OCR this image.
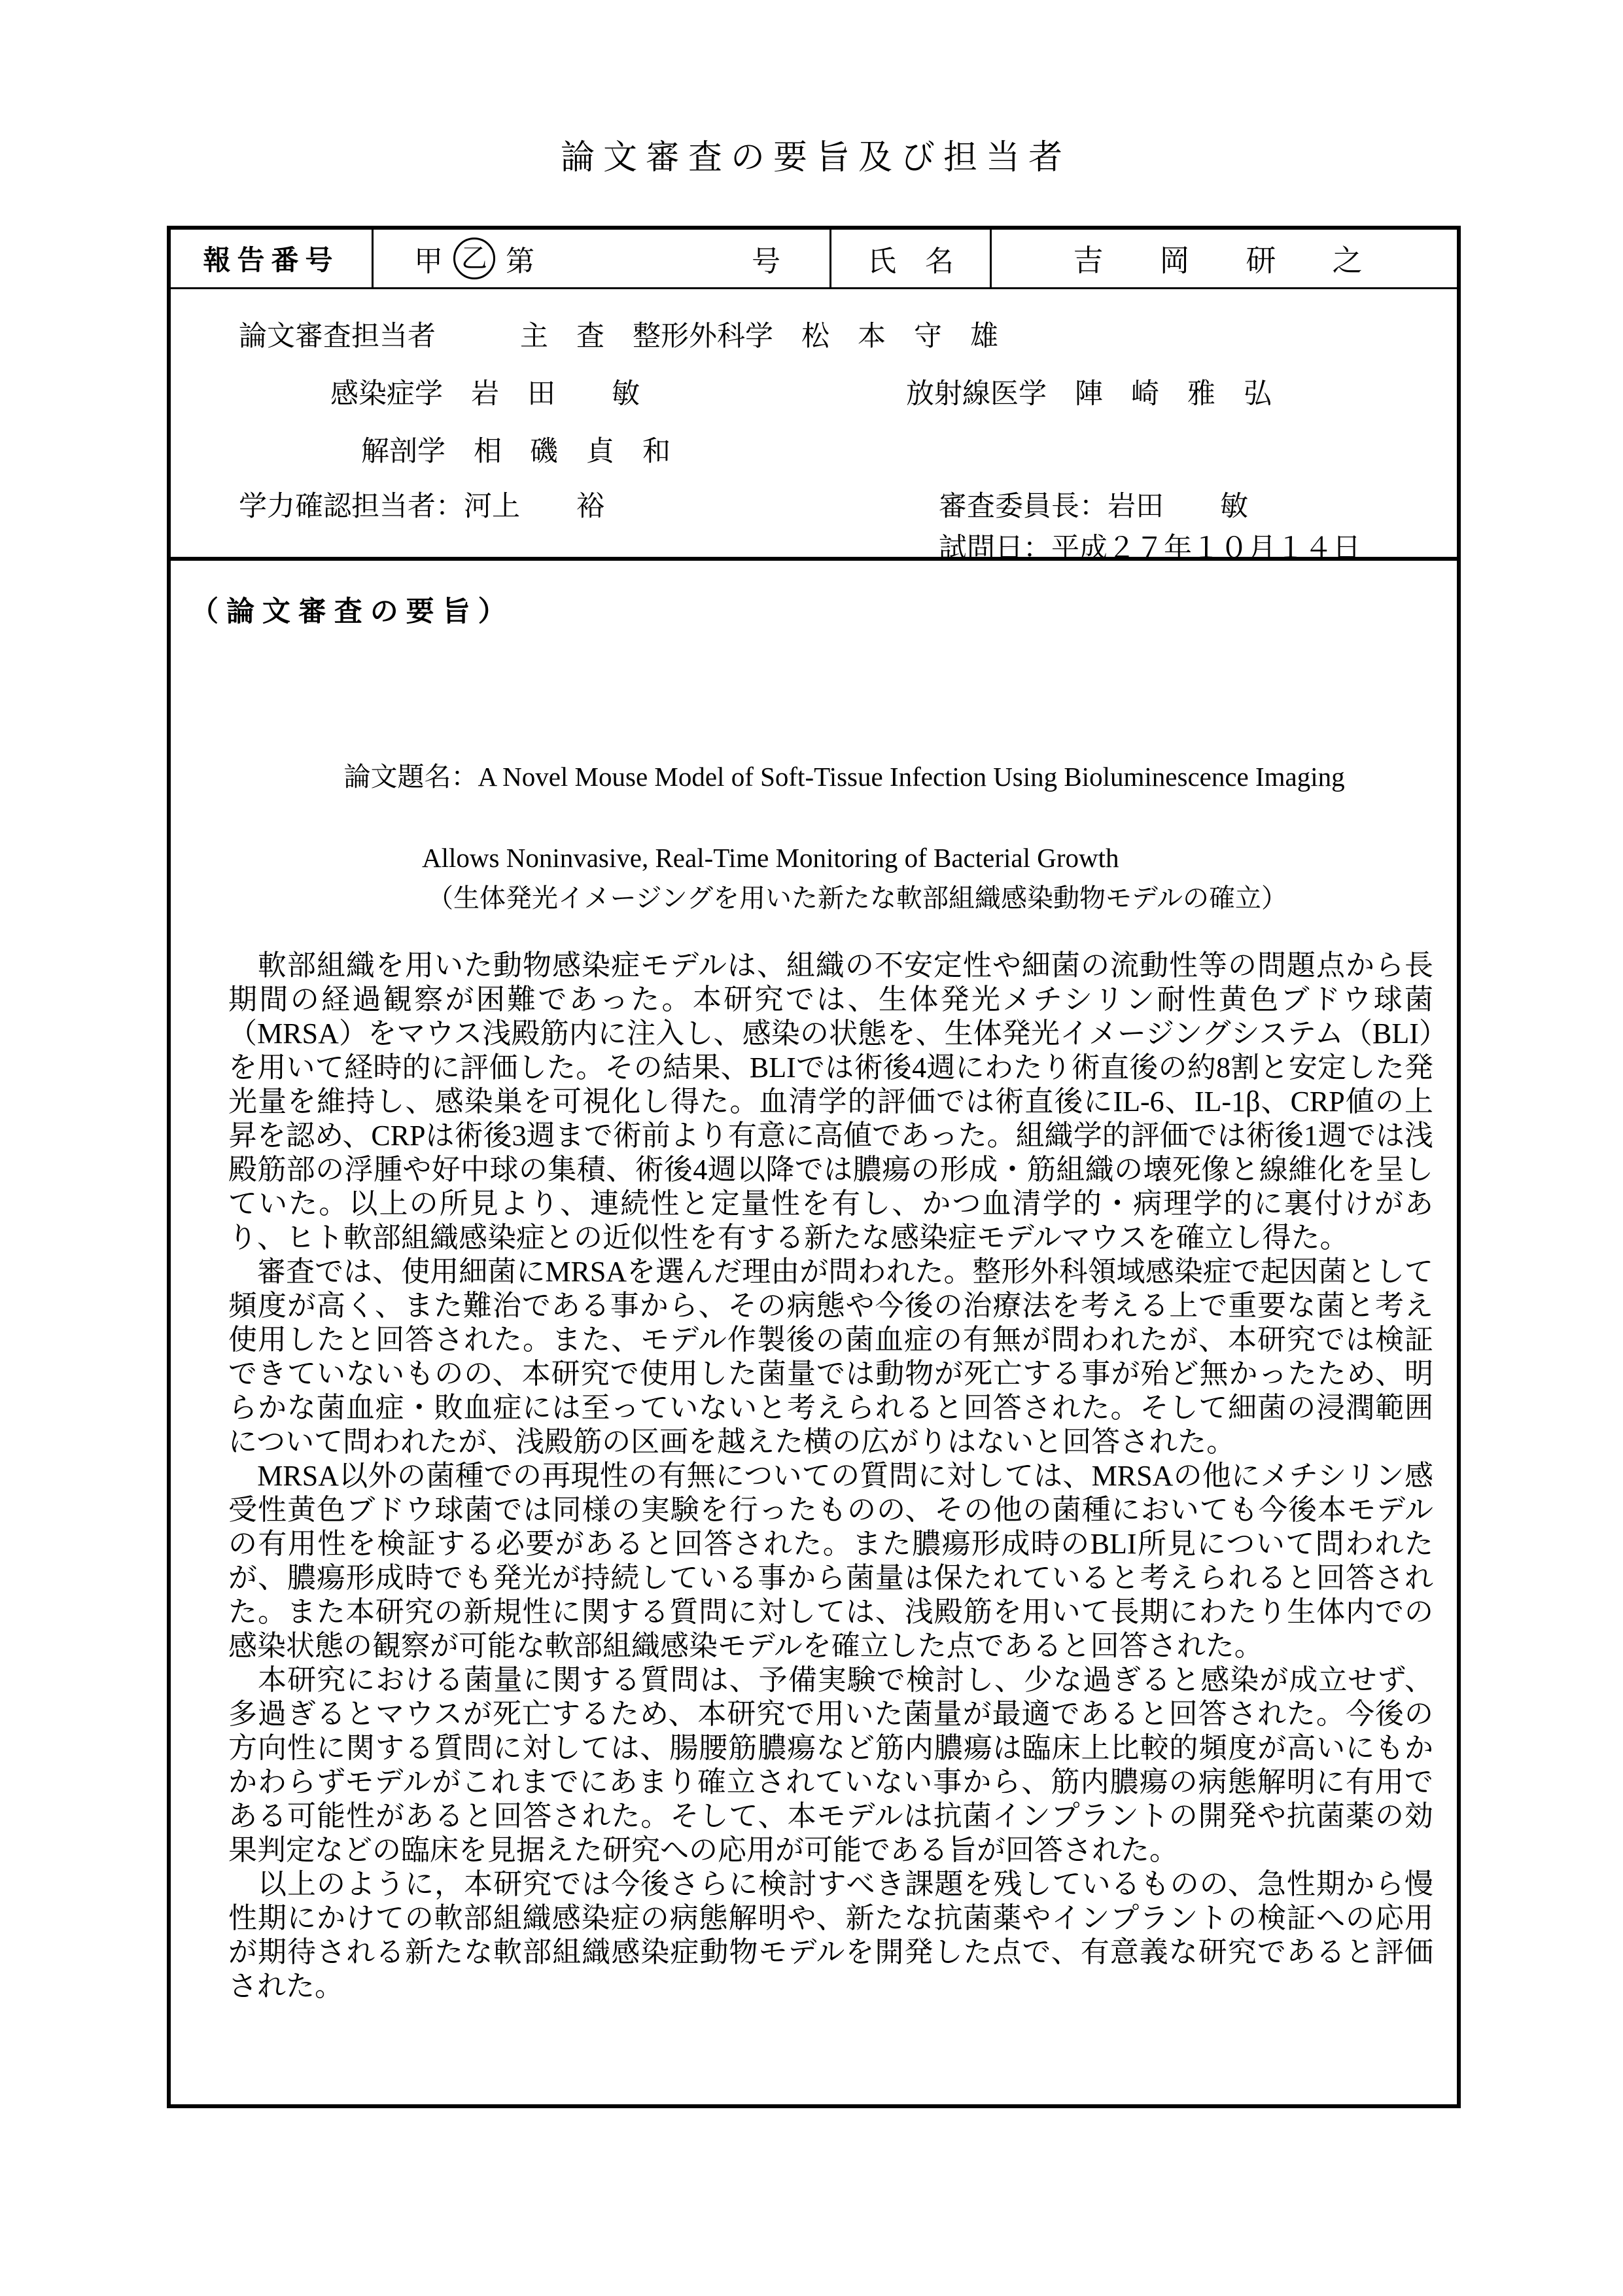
論 文 審 査 の 要 旨 及 び 担 当 者
報告番号	甲 乙 第	号	氏　名	吉　岡　研　之
論文審査担当者　　　主　査　整形外科学　松　本　守　雄
感染症学　岩　田　　敏	放射線医学　陣　崎　雅　弘
解剖学　相　磯　貞　和
学力確認担当者：河上　　裕	審査委員長：岩田　　敏
試問日：平成２７年１０月１４日
（ 論 文 審 査 の 要 旨 ）

論文題名：A Novel Mouse Model of Soft-Tissue Infection Using Bioluminescence Imaging

Allows Noninvasive, Real-Time Monitoring of Bacterial Growth
（生体発光イメージングを用いた新たな軟部組織感染動物モデルの確立）

　軟部組織を用いた動物感染症モデルは、組織の不安定性や細菌の流動性等の問題点から長期間の経過観察が困難であった。本研究では、生体発光メチシリン耐性黄色ブドウ球菌（MRSA）をマウス浅殿筋内に注入し、感染の状態を、生体発光イメージングシステム（BLI）を用いて経時的に評価した。その結果、BLIでは術後4週にわたり術直後の約8割と安定した発光量を維持し、感染巣を可視化し得た。血清学的評価では術直後にIL-6、IL-1β、CRP値の上昇を認め、CRPは術後3週まで術前より有意に高値であった。組織学的評価では術後1週では浅殿筋部の浮腫や好中球の集積、術後4週以降では膿瘍の形成・筋組織の壊死像と線維化を呈していた。以上の所見より、連続性と定量性を有し、かつ血清学的・病理学的に裏付けがあり、ヒト軟部組織感染症との近似性を有する新たな感染症モデルマウスを確立し得た。

　審査では、使用細菌にMRSAを選んだ理由が問われた。整形外科領域感染症で起因菌として頻度が高く、また難治である事から、その病態や今後の治療法を考える上で重要な菌と考え使用したと回答された。また、モデル作製後の菌血症の有無が問われたが、本研究では検証できていないものの、本研究で使用した菌量では動物が死亡する事が殆ど無かったため、明らかな菌血症・敗血症には至っていないと考えられると回答された。そして細菌の浸潤範囲について問われたが、浅殿筋の区画を越えた横の広がりはないと回答された。

　MRSA以外の菌種での再現性の有無についての質問に対しては、MRSAの他にメチシリン感受性黄色ブドウ球菌では同様の実験を行ったものの、その他の菌種においても今後本モデルの有用性を検証する必要があると回答された。また膿瘍形成時のBLI所見について問われたが、膿瘍形成時でも発光が持続している事から菌量は保たれていると考えられると回答された。また本研究の新規性に関する質問に対しては、浅殿筋を用いて長期にわたり生体内での感染状態の観察が可能な軟部組織感染モデルを確立した点であると回答された。

　本研究における菌量に関する質問は、予備実験で検討し、少な過ぎると感染が成立せず、多過ぎるとマウスが死亡するため、本研究で用いた菌量が最適であると回答された。今後の方向性に関する質問に対しては、腸腰筋膿瘍など筋内膿瘍は臨床上比較的頻度が高いにもかかわらずモデルがこれまでにあまり確立されていない事から、筋内膿瘍の病態解明に有用である可能性があると回答された。そして、本モデルは抗菌インプラントの開発や抗菌薬の効果判定などの臨床を見据えた研究への応用が可能である旨が回答された。

　以上のように，本研究では今後さらに検討すべき課題を残しているものの、急性期から慢性期にかけての軟部組織感染症の病態解明や、新たな抗菌薬やインプラントの検証への応用が期待される新たな軟部組織感染症動物モデルを開発した点で、有意義な研究であると評価された。
